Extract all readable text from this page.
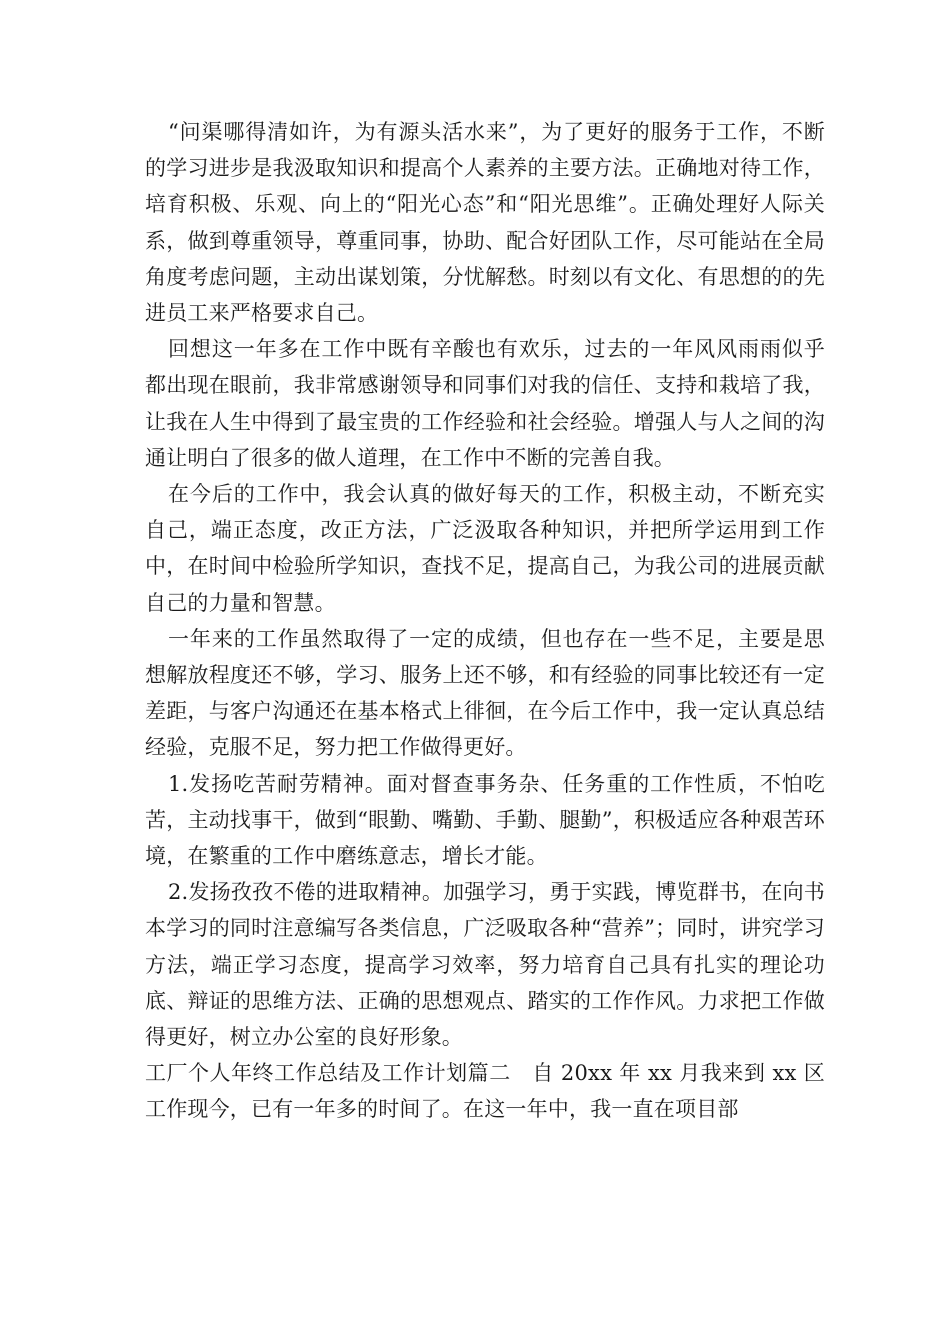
“问渠哪得清如许，为有源头活水来”，为了更好的服务于工作，不断的学习进步是我汲取知识和提高个人素养的主要方法。正确地对待工作，培育积极、乐观、向上的“阳光心态”和“阳光思维”。正确处理好人际关系，做到尊重领导，尊重同事，协助、配合好团队工作，尽可能站在全局角度考虑问题，主动出谋划策，分忧解愁。时刻以有文化、有思想的的先进员工来严格要求自己。

回想这一年多在工作中既有辛酸也有欢乐，过去的一年风风雨雨似乎都出现在眼前，我非常感谢领导和同事们对我的信任、支持和栽培了我，让我在人生中得到了最宝贵的工作经验和社会经验。增强人与人之间的沟通让明白了很多的做人道理，在工作中不断的完善自我。

在今后的工作中，我会认真的做好每天的工作，积极主动，不断充实自己，端正态度，改正方法，广泛汲取各种知识，并把所学运用到工作中，在时间中检验所学知识，查找不足，提高自己，为我公司的进展贡献自己的力量和智慧。

一年来的工作虽然取得了一定的成绩，但也存在一些不足，主要是思想解放程度还不够，学习、服务上还不够，和有经验的同事比较还有一定差距，与客户沟通还在基本格式上徘徊，在今后工作中，我一定认真总结经验，克服不足，努力把工作做得更好。

1.发扬吃苦耐劳精神。面对督查事务杂、任务重的工作性质，不怕吃苦，主动找事干，做到“眼勤、嘴勤、手勤、腿勤”，积极适应各种艰苦环境，在繁重的工作中磨练意志，增长才能。

2.发扬孜孜不倦的进取精神。加强学习，勇于实践，博览群书，在向书本学习的同时注意编写各类信息，广泛吸取各种“营养”；同时，讲究学习方法，端正学习态度，提高学习效率，努力培育自己具有扎实的理论功底、辩证的思维方法、正确的思想观点、踏实的工作作风。力求把工作做得更好，树立办公室的良好形象。

工厂个人年终工作总结及工作计划篇二　自 20xx 年 xx 月我来到 xx 区工作现今，已有一年多的时间了。在这一年中，我一直在项目部
